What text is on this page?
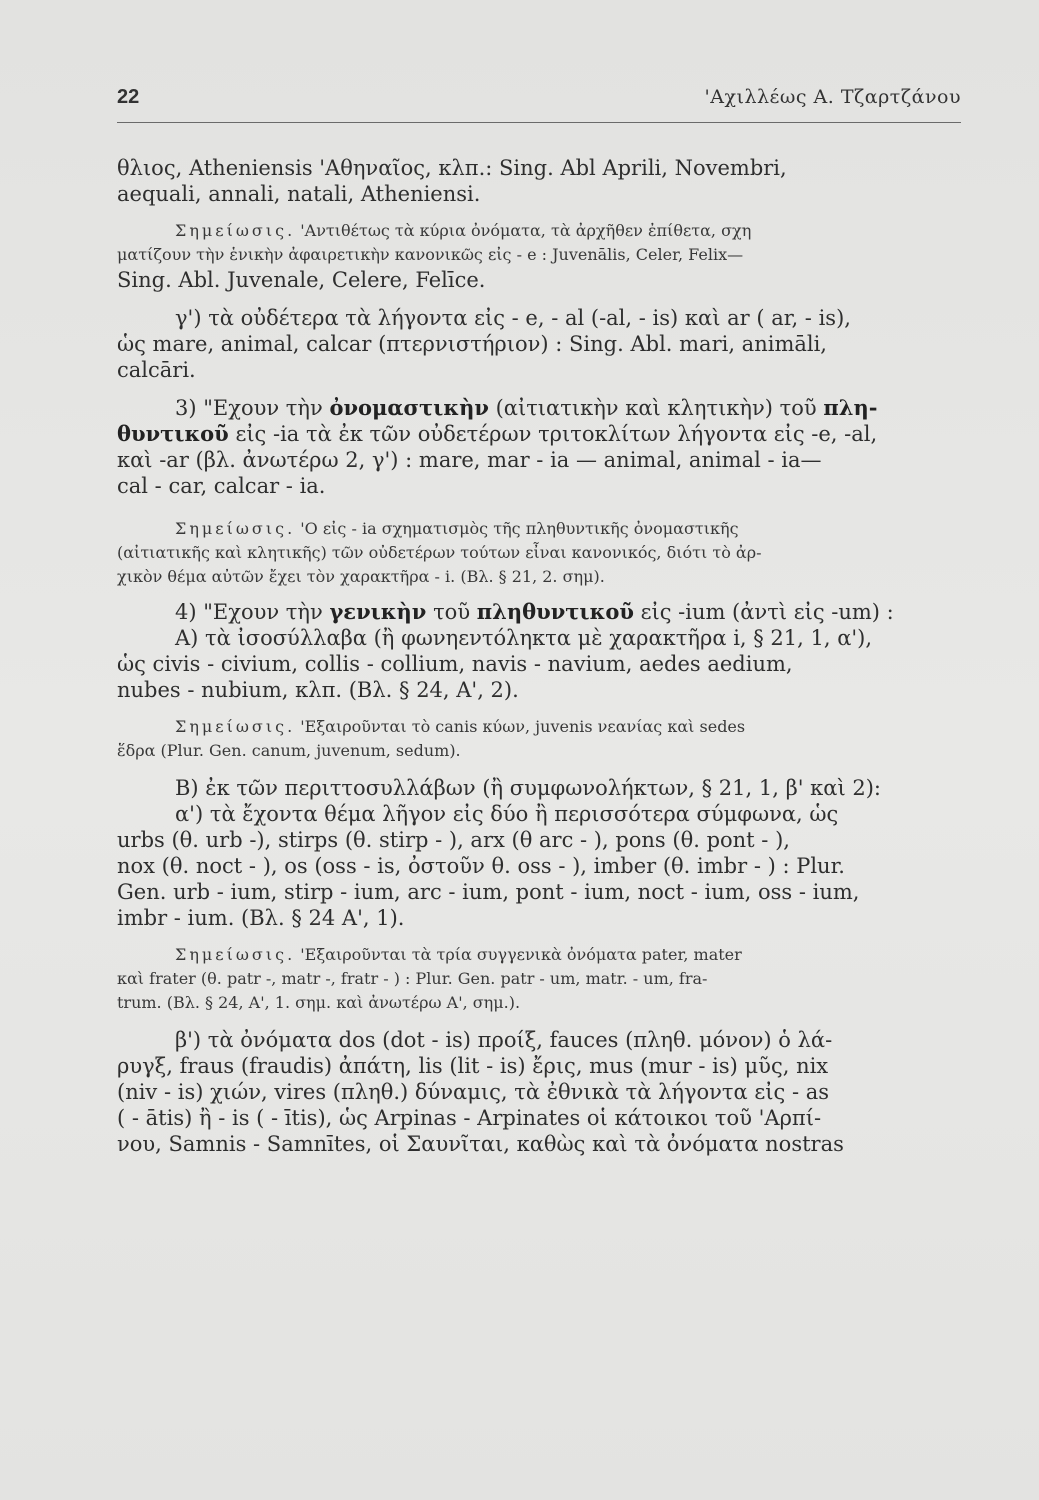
22	'Αχιλλέως Α. Τζαρτζάνου

θλιος, Atheniensis 'Αθηναῖος, κλπ.: Sing. Abl Aprili, Novembri,

aequali, annali, natali, Atheniensi.

Σημείωσις. 'Αντιθέτως τὰ κύρια ὀνόματα, τὰ ἀρχῆθεν ἐπίθετα, σχη

ματίζουν τὴν ἑνικὴν ἀφαιρετικὴν κανονικῶς εἰς - e : Juvenālis, Celer, Felix—

Sing. Abl. Juvenale, Celere, Felīce.

γ') τὰ οὐδέτερα τὰ λήγοντα εἰς - e, - al (-al, - is) καὶ ar ( ar, - is),

ὡς mare, animal, calcar (πτερνιστήριον) : Sing. Abl. mari, animāli,

calcāri.

3) "Εχουν τὴν ὀνομαστικὴν (αἰτιατικὴν καὶ κλητικὴν) τοῦ πλη-

θυντικοῦ εἰς -ia τὰ ἐκ τῶν οὐδετέρων τριτοκλίτων λήγοντα εἰς -e, -al,

καὶ -ar (βλ. ἀνωτέρω 2, γ') : mare, mar - ia — animal, animal - ia—

cal - car, calcar - ia.

Σημείωσις. 'Ο εἰς - ia σχηματισμὸς τῆς πληθυντικῆς ὀνομαστικῆς

(αἰτιατικῆς καὶ κλητικῆς) τῶν οὐδετέρων τούτων εἶναι κανονικός, διότι τὸ ἀρ-

χικὸν θέμα αὐτῶν ἔχει τὸν χαρακτῆρα - i. (Βλ. § 21, 2. σημ).

4) "Εχουν τὴν γενικὴν τοῦ πληθυντικοῦ εἰς -ium (ἀντὶ εἰς -um) :

Α) τὰ ἰσοσύλλαβα (ἢ φωνηεντόληκτα μὲ χαρακτῆρα i, § 21, 1, α'),

ὡς civis - civium, collis - collium, navis - navium, aedes aedium,

nubes - nubium, κλπ. (Βλ. § 24, Α', 2).

Σημείωσις. 'Εξαιροῦνται τὸ canis κύων, juvenis νεανίας καὶ sedes

ἕδρα (Plur. Gen. canum, juvenum, sedum).

Β) ἐκ τῶν περιττοσυλλάβων (ἢ συμφωνολήκτων, § 21, 1, β' καὶ 2):

α') τὰ ἔχοντα θέμα λῆγον εἰς δύο ἢ περισσότερα σύμφωνα, ὡς

urbs (θ. urb -), stirps (θ. stirp - ), arx (θ arc - ), pons (θ. pont - ),

nox (θ. noct - ), os (oss - is, ὀστοῦν θ. oss - ), imber (θ. imbr - ) : Plur.

Gen. urb - ium, stirp - ium, arc - ium, pont - ium, noct - ium, oss - ium,

imbr - ium. (Βλ. § 24 Α', 1).

Σημείωσις. 'Εξαιροῦνται τὰ τρία συγγενικὰ ὀνόματα pater, mater

καὶ frater (θ. patr -, matr -, fratr - ) : Plur. Gen. patr - um, matr. - um, fra-

trum. (Βλ. § 24, Α', 1. σημ. καὶ ἀνωτέρω Α', σημ.).

β') τὰ ὀνόματα dos (dot - is) προίξ, fauces (πληθ. μόνον) ὁ λά-

ρυγξ, fraus (fraudis) ἀπάτη, lis (lit - is) ἔρις, mus (mur - is) μῦς, nix

(niv - is) χιών, vires (πληθ.) δύναμις, τὰ ἐθνικὰ τὰ λήγοντα εἰς - as

( - ātis) ἢ - is ( - ītis), ὡς Arpinas - Arpinates οἱ κάτοικοι τοῦ 'Αρπί-

νου, Samnis - Samnītes, οἱ Σαυνῖται, καθὼς καὶ τὰ ὀνόματα nostras
